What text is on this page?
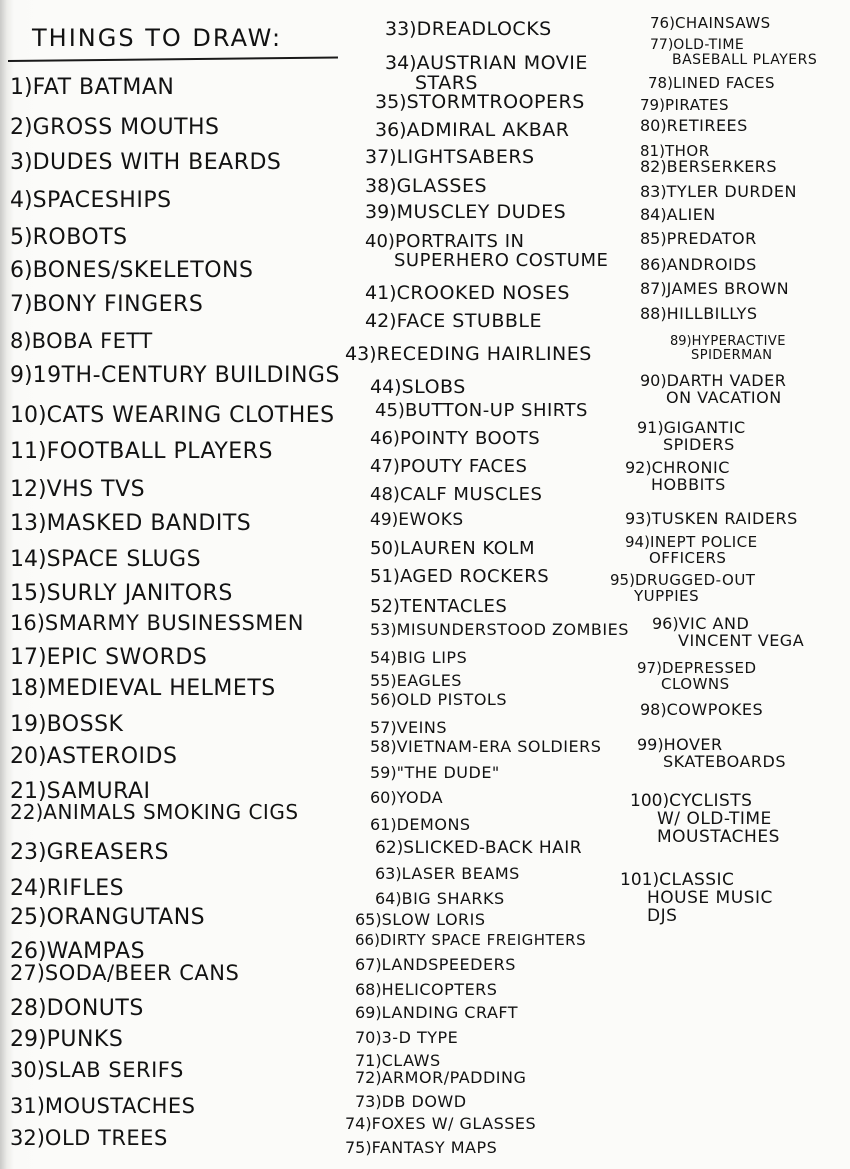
THINGS TO DRAW:
1)FAT BATMAN
2)GROSS MOUTHS
3)DUDES WITH BEARDS
4)SPACESHIPS
5)ROBOTS
6)BONES/SKELETONS
7)BONY FINGERS
8)BOBA FETT
9)19TH-CENTURY BUILDINGS
10)CATS WEARING CLOTHES
11)FOOTBALL PLAYERS
12)VHS TVS
13)MASKED BANDITS
14)SPACE SLUGS
15)SURLY JANITORS
16)SMARMY BUSINESSMEN
17)EPIC SWORDS
18)MEDIEVAL HELMETS
19)BOSSK
20)ASTEROIDS
21)SAMURAI
22)ANIMALS SMOKING CIGS
23)GREASERS
24)RIFLES
25)ORANGUTANS
26)WAMPAS
27)SODA/BEER CANS
28)DONUTS
29)PUNKS
30)SLAB SERIFS
31)MOUSTACHES
32)OLD TREES
33)DREADLOCKS
34)AUSTRIAN MOVIE
STARS
35)STORMTROOPERS
36)ADMIRAL AKBAR
37)LIGHTSABERS
38)GLASSES
39)MUSCLEY DUDES
40)PORTRAITS IN
SUPERHERO COSTUME
41)CROOKED NOSES
42)FACE STUBBLE
43)RECEDING HAIRLINES
44)SLOBS
45)BUTTON-UP SHIRTS
46)POINTY BOOTS
47)POUTY FACES
48)CALF MUSCLES
49)EWOKS
50)LAUREN KOLM
51)AGED ROCKERS
52)TENTACLES
53)MISUNDERSTOOD ZOMBIES
54)BIG LIPS
55)EAGLES
56)OLD PISTOLS
57)VEINS
58)VIETNAM-ERA SOLDIERS
59)"THE DUDE"
60)YODA
61)DEMONS
62)SLICKED-BACK HAIR
63)LASER BEAMS
64)BIG SHARKS
65)SLOW LORIS
66)DIRTY SPACE FREIGHTERS
67)LANDSPEEDERS
68)HELICOPTERS
69)LANDING CRAFT
70)3-D TYPE
71)CLAWS
72)ARMOR/PADDING
73)DB DOWD
74)FOXES W/ GLASSES
75)FANTASY MAPS
76)CHAINSAWS
77)OLD-TIME
BASEBALL PLAYERS
78)LINED FACES
79)PIRATES
80)RETIREES
81)THOR
82)BERSERKERS
83)TYLER DURDEN
84)ALIEN
85)PREDATOR
86)ANDROIDS
87)JAMES BROWN
88)HILLBILLYS
89)HYPERACTIVE
SPIDERMAN
90)DARTH VADER
ON VACATION
91)GIGANTIC
SPIDERS
92)CHRONIC
HOBBITS
93)TUSKEN RAIDERS
94)INEPT POLICE
OFFICERS
95)DRUGGED-OUT
YUPPIES
96)VIC AND
VINCENT VEGA
97)DEPRESSED
CLOWNS
98)COWPOKES
99)HOVER
SKATEBOARDS
100)CYCLISTS
W/ OLD-TIME
MOUSTACHES
101)CLASSIC
HOUSE MUSIC
DJS
